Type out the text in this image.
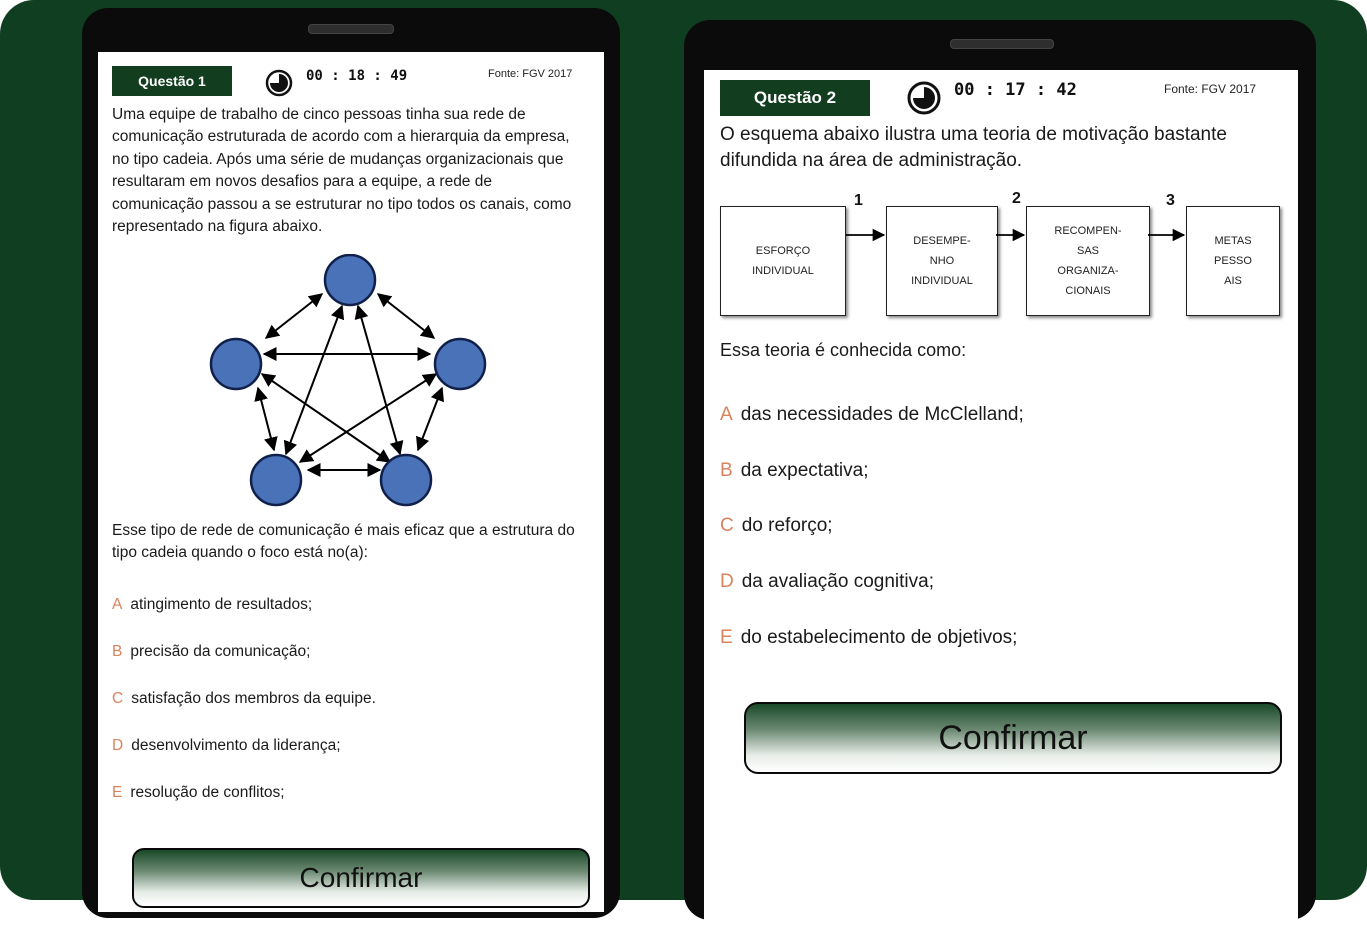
Questão 1	00 : 18 : 49	Fonte: FGV 2017
Uma equipe de trabalho de cinco pessoas tinha sua rede de comunicação estruturada de acordo com a hierarquia da empresa, no tipo cadeia. Após uma série de mudanças organizacionais que resultaram em novos desafios para a equipe, a rede de comunicação passou a se estruturar no tipo todos os canais, como representado na figura abaixo.
Esse tipo de rede de comunicação é mais eficaz que a estrutura do tipo cadeia quando o foco está no(a):
A atingimento de resultados;
B precisão da comunicação;
C satisfação dos membros da equipe.
D desenvolvimento da liderança;
E resolução de conflitos;
Confirmar
Questão 2	00 : 17 : 42	Fonte: FGV 2017
O esquema abaixo ilustra uma teoria de motivação bastante difundida na área de administração.
ESFORÇO
INDIVIDUAL
DESEMPE-
NHO
INDIVIDUAL
RECOMPEN-
SAS
ORGANIZA-
CIONAIS
METAS
PESSO
AIS
1	2	3
Essa teoria é conhecida como:
A das necessidades de McClelland;
B da expectativa;
C do reforço;
D da avaliação cognitiva;
E do estabelecimento de objetivos;
Confirmar
